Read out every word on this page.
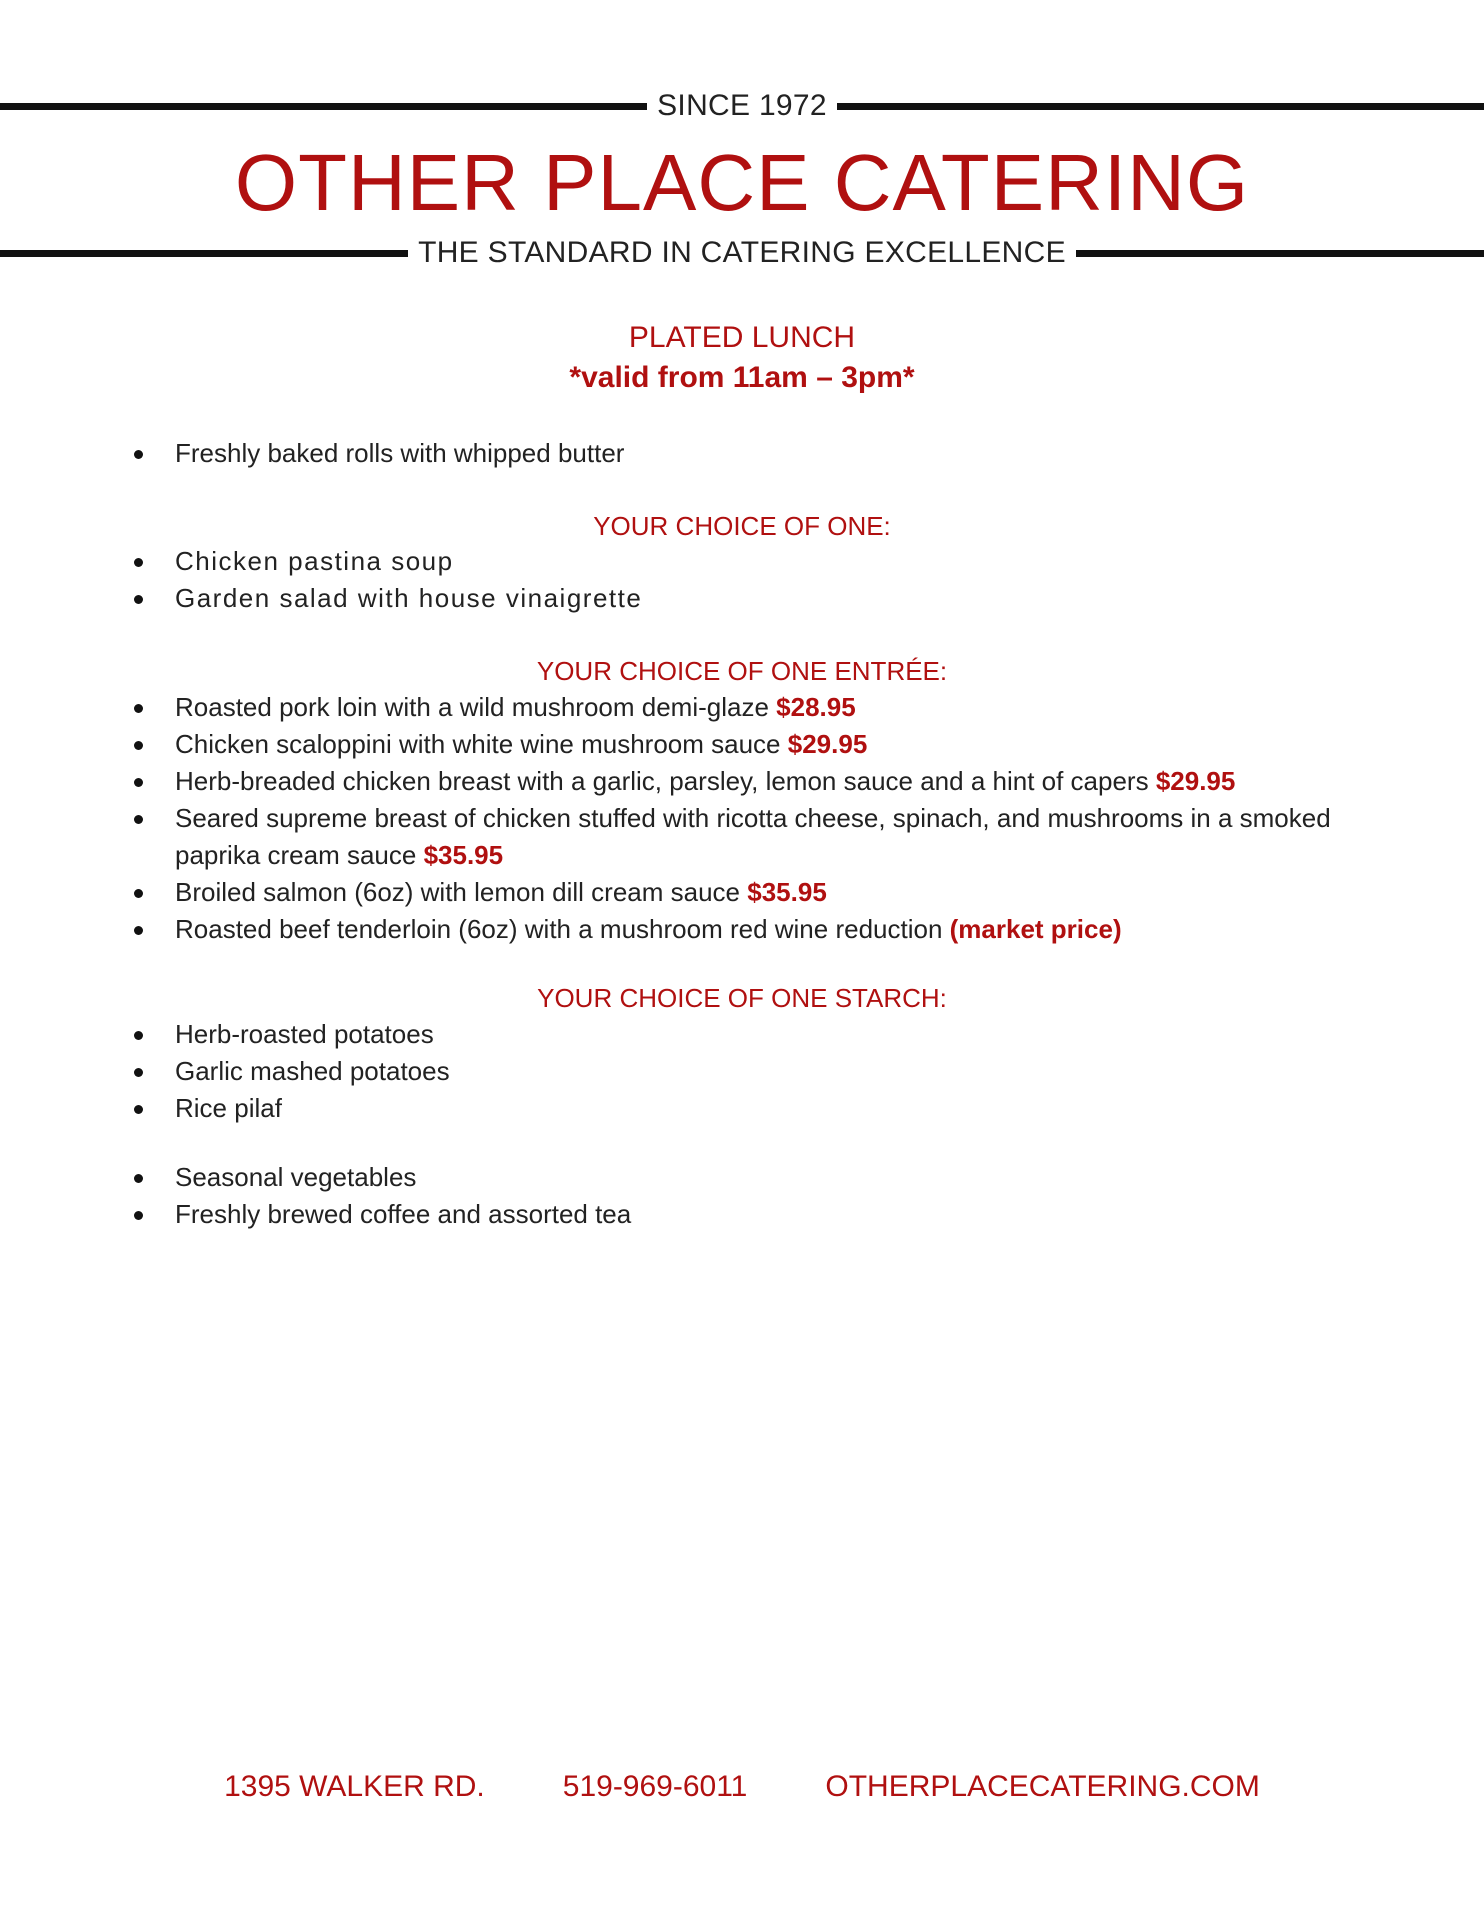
SINCE 1972
OTHER PLACE CATERING
THE STANDARD IN CATERING EXCELLENCE
PLATED LUNCH
*valid from 11am – 3pm*
Freshly baked rolls with whipped butter
YOUR CHOICE OF ONE:
Chicken pastina soup
Garden salad with house vinaigrette
YOUR CHOICE OF ONE ENTRÉE:
Roasted pork loin with a wild mushroom demi-glaze $28.95
Chicken scaloppini with white wine mushroom sauce $29.95
Herb-breaded chicken breast with a garlic, parsley, lemon sauce and a hint of capers $29.95
Seared supreme breast of chicken stuffed with ricotta cheese, spinach, and mushrooms in a smoked paprika cream sauce $35.95
Broiled salmon (6oz) with lemon dill cream sauce $35.95
Roasted beef tenderloin (6oz) with a mushroom red wine reduction (market price)
YOUR CHOICE OF ONE STARCH:
Herb-roasted potatoes
Garlic mashed potatoes
Rice pilaf
Seasonal vegetables
Freshly brewed coffee and assorted tea
1395 WALKER RD.	519-969-6011	OTHERPLACECATERING.COM
